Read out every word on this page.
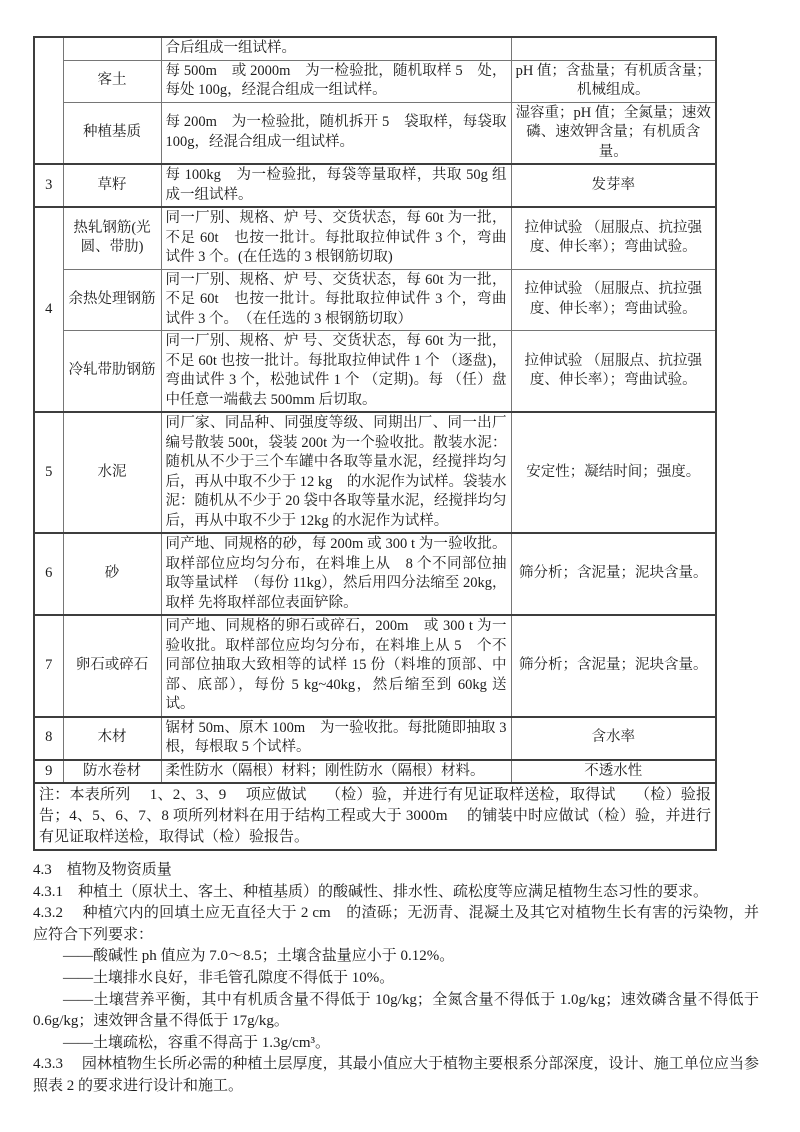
		合后组成一组试样。	
	客土	每 500m　或 2000m　为一检验批，随机取样 5　处，每处 100g，经混合组成一组试样。	pH 值；含盐量；有机质含量；机械组成。
	种植基质	每 200m　为一检验批，随机拆开 5　袋取样，每袋取 100g，经混合组成一组试样。	湿容重；pH 值；全氮量；速效磷、速效钾含量；有机质含量。
3	草籽	每 100kg　为一检验批，每袋等量取样，共取 50g 组成一组试样。	发芽率
4	热轧钢筋(光圆、带肋)	同一厂别、规格、炉 号、交货状态，每 60t 为一批，不足 60t　也按一批计。每批取拉伸试件 3 个，弯曲试件 3 个。(在任选的 3 根钢筋切取)	拉伸试验 （屈服点、抗拉强度、伸长率）；弯曲试验。
	余热处理钢筋	同一厂别、规格、炉 号、交货状态，每 60t 为一批，不足 60t　也按一批计。每批取拉伸试件 3 个，弯曲试件 3 个。　（在任选的 3 根钢筋切取）	拉伸试验 （屈服点、抗拉强度、伸长率）；弯曲试验。
	冷轧带肋钢筋	同一厂别、规格、炉 号、交货状态，每 60t 为一批，不足 60t 也按一批计。每批取拉伸试件 1 个 （逐盘)，弯曲试件 3 个，松弛试件 1 个 （定期)。每 （任）盘中任意一端截去 500mm 后切取。	拉伸试验 （屈服点、抗拉强度、伸长率）；弯曲试验。
5	水泥	同厂家、同品种、同强度等级、同期出厂、同一出厂编号散装 500t，袋装 200t 为一个验收批。散装水泥：随机从不少于三个车罐中各取等量水泥，经搅拌均匀后，再从中取不少于 12 kg　的水泥作为试样。袋装水泥：随机从不少于 20 袋中各取等量水泥，经搅拌均匀后，再从中取不少于 12kg 的水泥作为试样。	安定性；凝结时间；强度。
6	砂	同产地、同规格的砂，每 200m 或 300 t 为一验收批。取样部位应均匀分布，在料堆上从　8 个不同部位抽取等量试样　（每份 11kg），然后用四分法缩至 20kg，取样 先将取样部位表面铲除。	筛分析；含泥量；泥块含量。
7	卵石或碎石	同产地、同规格的卵石或碎石，200m　或 300 t 为一验收批。取样部位应均匀分布，在料堆上从 5　个不同部位抽取大致相等的试样 15 份（料堆的顶部、中部、底部），每份 5 kg~40kg，然后缩至到 60kg 送试。	筛分析；含泥量；泥块含量。
8	木材	锯材 50m、原木 100m　为一验收批。每批随即抽取 3 根，每根取 5 个试样。	含水率
9	防水卷材	柔性防水（隔根）材料；刚性防水（隔根）材料。	不透水性
注：本表所列　 1、2、3、9　 项应做试　 （检）验，并进行有见证取样送检，取得试　 （检）验报告；4、5、6、7、8 项所列材料在用于结构工程或大于 3000m　 的铺装中时应做试（检）验，并进行有见证取样送检，取得试（检）验报告。			
4.3　植物及物资质量
4.3.1　种植土（原状土、客土、种植基质）的酸碱性、排水性、疏松度等应满足植物生态习性的要求。
4.3.2　 种植穴内的回填土应无直径大于 2 cm　的渣砾；无沥青、混凝土及其它对植物生长有害的污染物，并应符合下列要求：
——酸碱性 ph 值应为 7.0～8.5；土壤含盐量应小于 0.12%。
——土壤排水良好，非毛管孔隙度不得低于 10%。
——土壤营养平衡，其中有机质含量不得低于 10g/kg；全氮含量不得低于 1.0g/kg；速效磷含量不得低于 0.6g/kg；速效钾含量不得低于 17g/kg。
——土壤疏松，容重不得高于 1.3g/cm³。
4.3.3　 园林植物生长所必需的种植土层厚度，其最小值应大于植物主要根系分部深度，设计、施工单位应当参照表 2 的要求进行设计和施工。
